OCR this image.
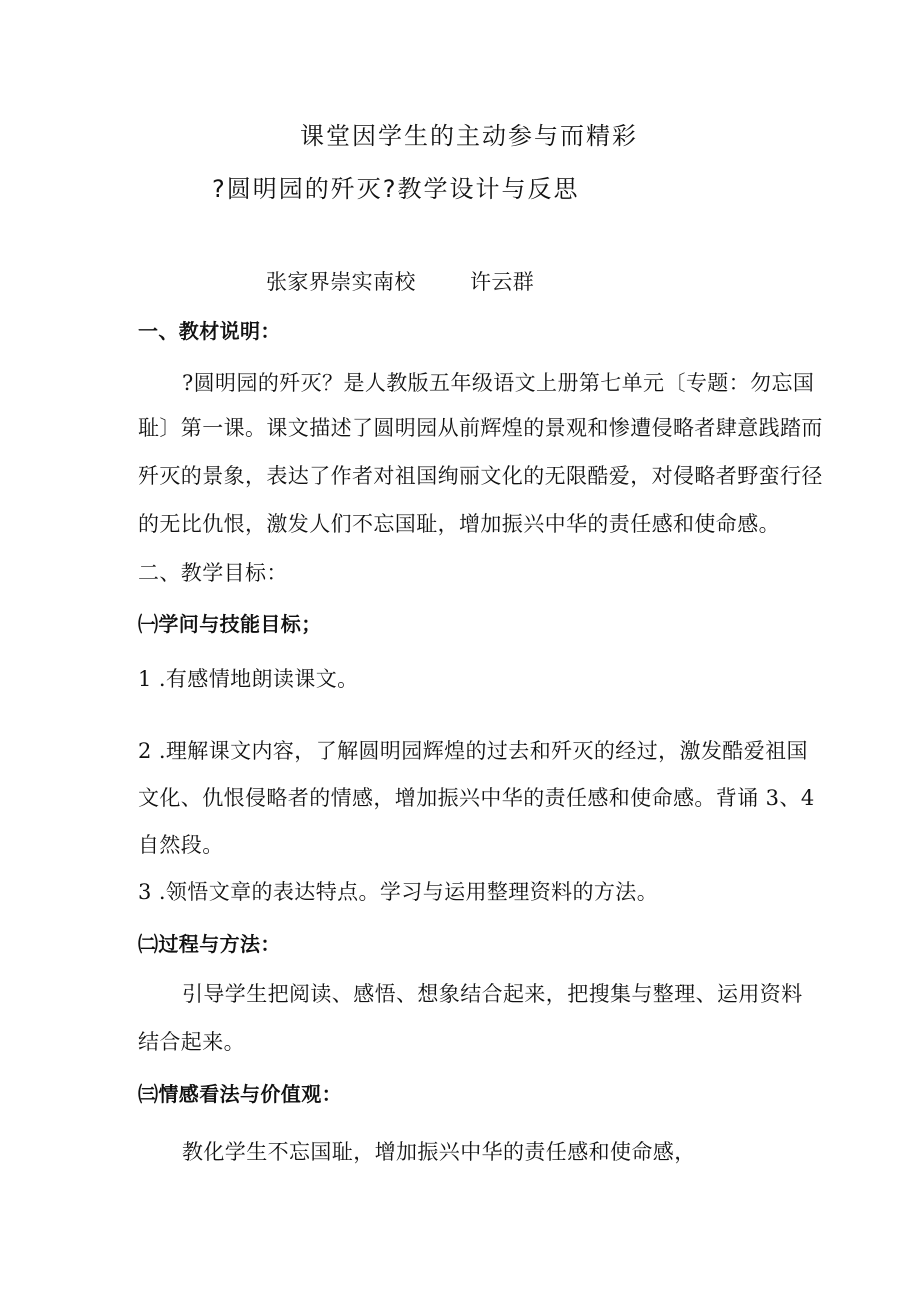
课堂因学生的主动参与而精彩
?圆明园的歼灭?教学设计与反思
张家界崇实南校	许云群
一、教材说明：
?圆明园的歼灭？是人教版五年级语文上册第七单元〔专题：勿忘国
耻〕第一课。课文描述了圆明园从前辉煌的景观和惨遭侵略者肆意践踏而
歼灭的景象，表达了作者对祖国绚丽文化的无限酷爱，对侵略者野蛮行径
的无比仇恨，激发人们不忘国耻，增加振兴中华的责任感和使命感。
二、教学目标：
㈠学问与技能目标；
1 .有感情地朗读课文。
2 .理解课文内容，了解圆明园辉煌的过去和歼灭的经过，激发酷爱祖国
文化、仇恨侵略者的情感，增加振兴中华的责任感和使命感。背诵 3、4
自然段。
3 .领悟文章的表达特点。学习与运用整理资料的方法。
㈡过程与方法：
引导学生把阅读、感悟、想象结合起来，把搜集与整理、运用资料
结合起来。
㈢情感看法与价值观：
教化学生不忘国耻，增加振兴中华的责任感和使命感，
